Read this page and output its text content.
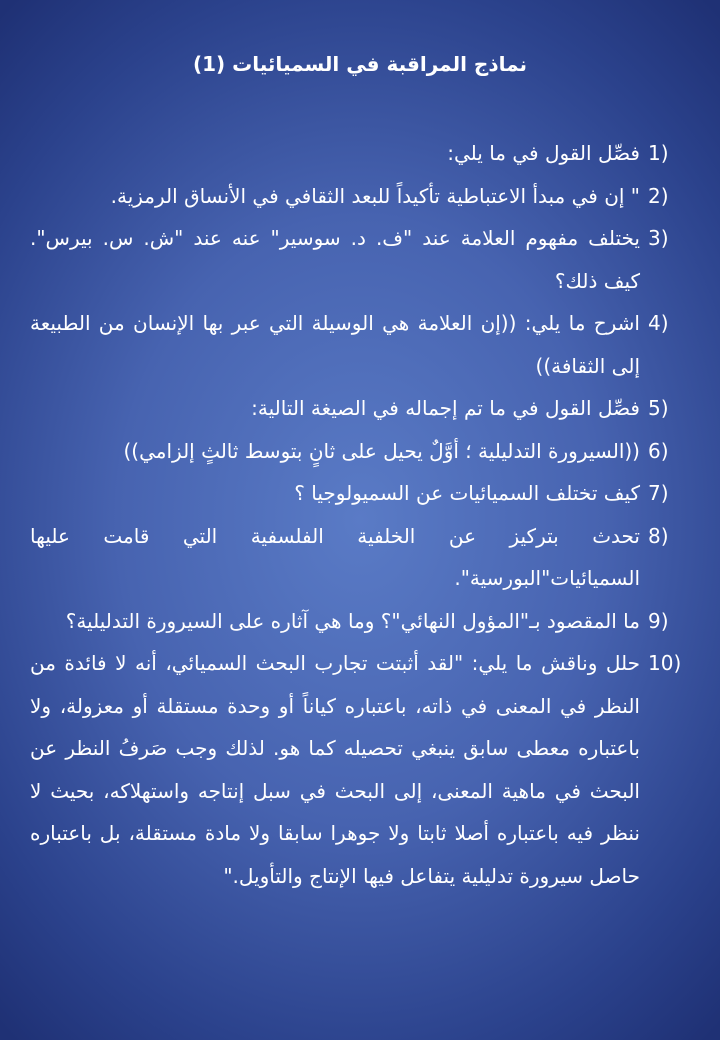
نماذج المراقبة في السميائيات (1)
1)
فصِّل القول في ما يلي:
2)
" إن في مبدأ الاعتباطية تأكيداً للبعد الثقافي في الأنساق الرمزية.
3)
يختلف مفهوم العلامة عند "ف. د. سوسير" عنه عند "ش. س. بيرس". كيف ذلك؟
4)
اشرح ما يلي: ((إن العلامة هي الوسيلة التي عبر بها الإنسان من الطبيعة إلى الثقافة))
5)
فصِّل القول في ما تم إجماله في الصيغة التالية:
6)
((السيرورة التدليلية ؛ أوَّلٌ يحيل على ثانٍ بتوسط ثالثٍ إلزامي))
7)
كيف تختلف السميائيات عن السميولوجيا ؟
8)
تحدث بتركيز عن الخلفية الفلسفية التي قامت عليها السميائيات"البورسية".
9)
ما المقصود بـ"المؤول النهائي"؟ وما هي آثاره على السيرورة التدليلية؟
10)
حلل وناقش ما يلي: "لقد أثبتت تجارب البحث السميائي، أنه لا فائدة من النظر في المعنى في ذاته، باعتباره كياناً أو وحدة مستقلة أو معزولة، ولا باعتباره معطى سابق ينبغي تحصيله كما هو. لذلك وجب صَرفُ النظر عن البحث في ماهية المعنى، إلى البحث في سبل إنتاجه واستهلاكه، بحيث لا ننظر فيه باعتباره أصلا ثابتا ولا جوهرا سابقا ولا مادة مستقلة، بل باعتباره حاصل سيرورة تدليلية يتفاعل فيها الإنتاج والتأويل."
